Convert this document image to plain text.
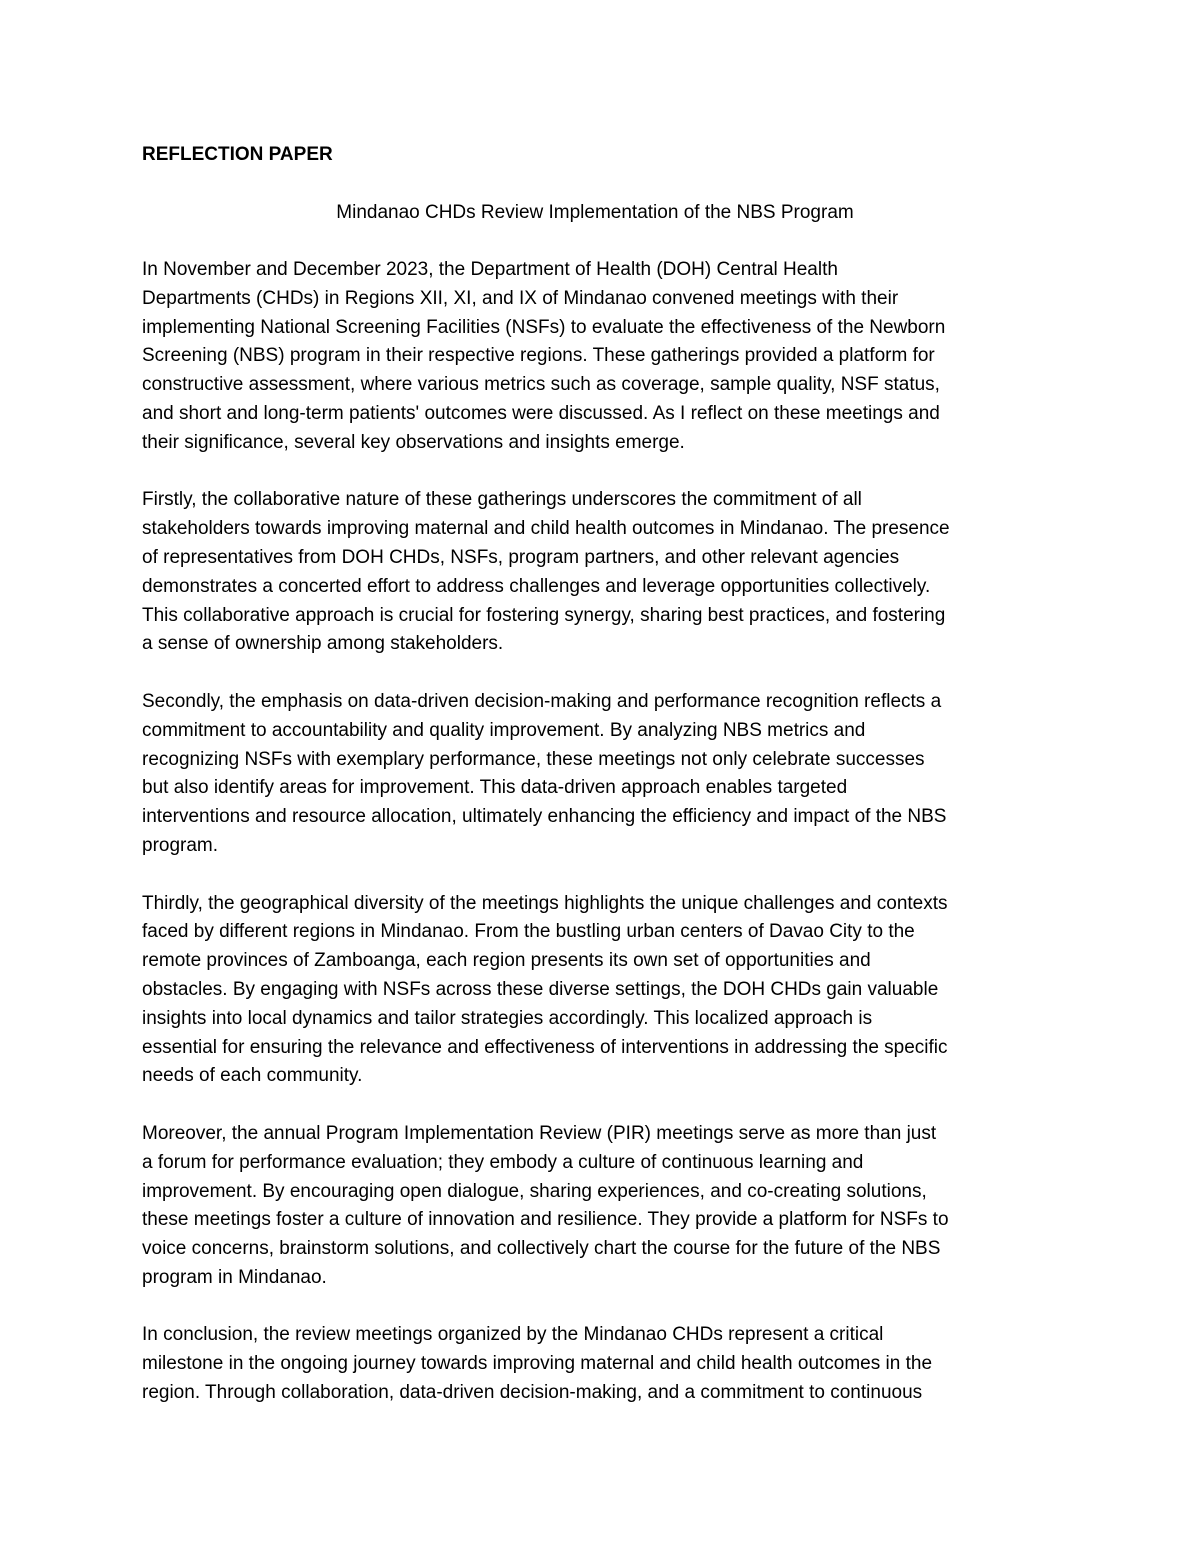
REFLECTION PAPER
Mindanao CHDs Review Implementation of the NBS Program

In November and December 2023, the Department of Health (DOH) Central Health
Departments (CHDs) in Regions XII, XI, and IX of Mindanao convened meetings with their
implementing National Screening Facilities (NSFs) to evaluate the effectiveness of the Newborn
Screening (NBS) program in their respective regions. These gatherings provided a platform for
constructive assessment, where various metrics such as coverage, sample quality, NSF status,
and short and long-term patients' outcomes were discussed. As I reflect on these meetings and
their significance, several key observations and insights emerge.

Firstly, the collaborative nature of these gatherings underscores the commitment of all
stakeholders towards improving maternal and child health outcomes in Mindanao. The presence
of representatives from DOH CHDs, NSFs, program partners, and other relevant agencies
demonstrates a concerted effort to address challenges and leverage opportunities collectively.
This collaborative approach is crucial for fostering synergy, sharing best practices, and fostering
a sense of ownership among stakeholders.

Secondly, the emphasis on data-driven decision-making and performance recognition reflects a
commitment to accountability and quality improvement. By analyzing NBS metrics and
recognizing NSFs with exemplary performance, these meetings not only celebrate successes
but also identify areas for improvement. This data-driven approach enables targeted
interventions and resource allocation, ultimately enhancing the efficiency and impact of the NBS
program.

Thirdly, the geographical diversity of the meetings highlights the unique challenges and contexts
faced by different regions in Mindanao. From the bustling urban centers of Davao City to the
remote provinces of Zamboanga, each region presents its own set of opportunities and
obstacles. By engaging with NSFs across these diverse settings, the DOH CHDs gain valuable
insights into local dynamics and tailor strategies accordingly. This localized approach is
essential for ensuring the relevance and effectiveness of interventions in addressing the specific
needs of each community.

Moreover, the annual Program Implementation Review (PIR) meetings serve as more than just
a forum for performance evaluation; they embody a culture of continuous learning and
improvement. By encouraging open dialogue, sharing experiences, and co-creating solutions,
these meetings foster a culture of innovation and resilience. They provide a platform for NSFs to
voice concerns, brainstorm solutions, and collectively chart the course for the future of the NBS
program in Mindanao.

In conclusion, the review meetings organized by the Mindanao CHDs represent a critical
milestone in the ongoing journey towards improving maternal and child health outcomes in the
region. Through collaboration, data-driven decision-making, and a commitment to continuous
